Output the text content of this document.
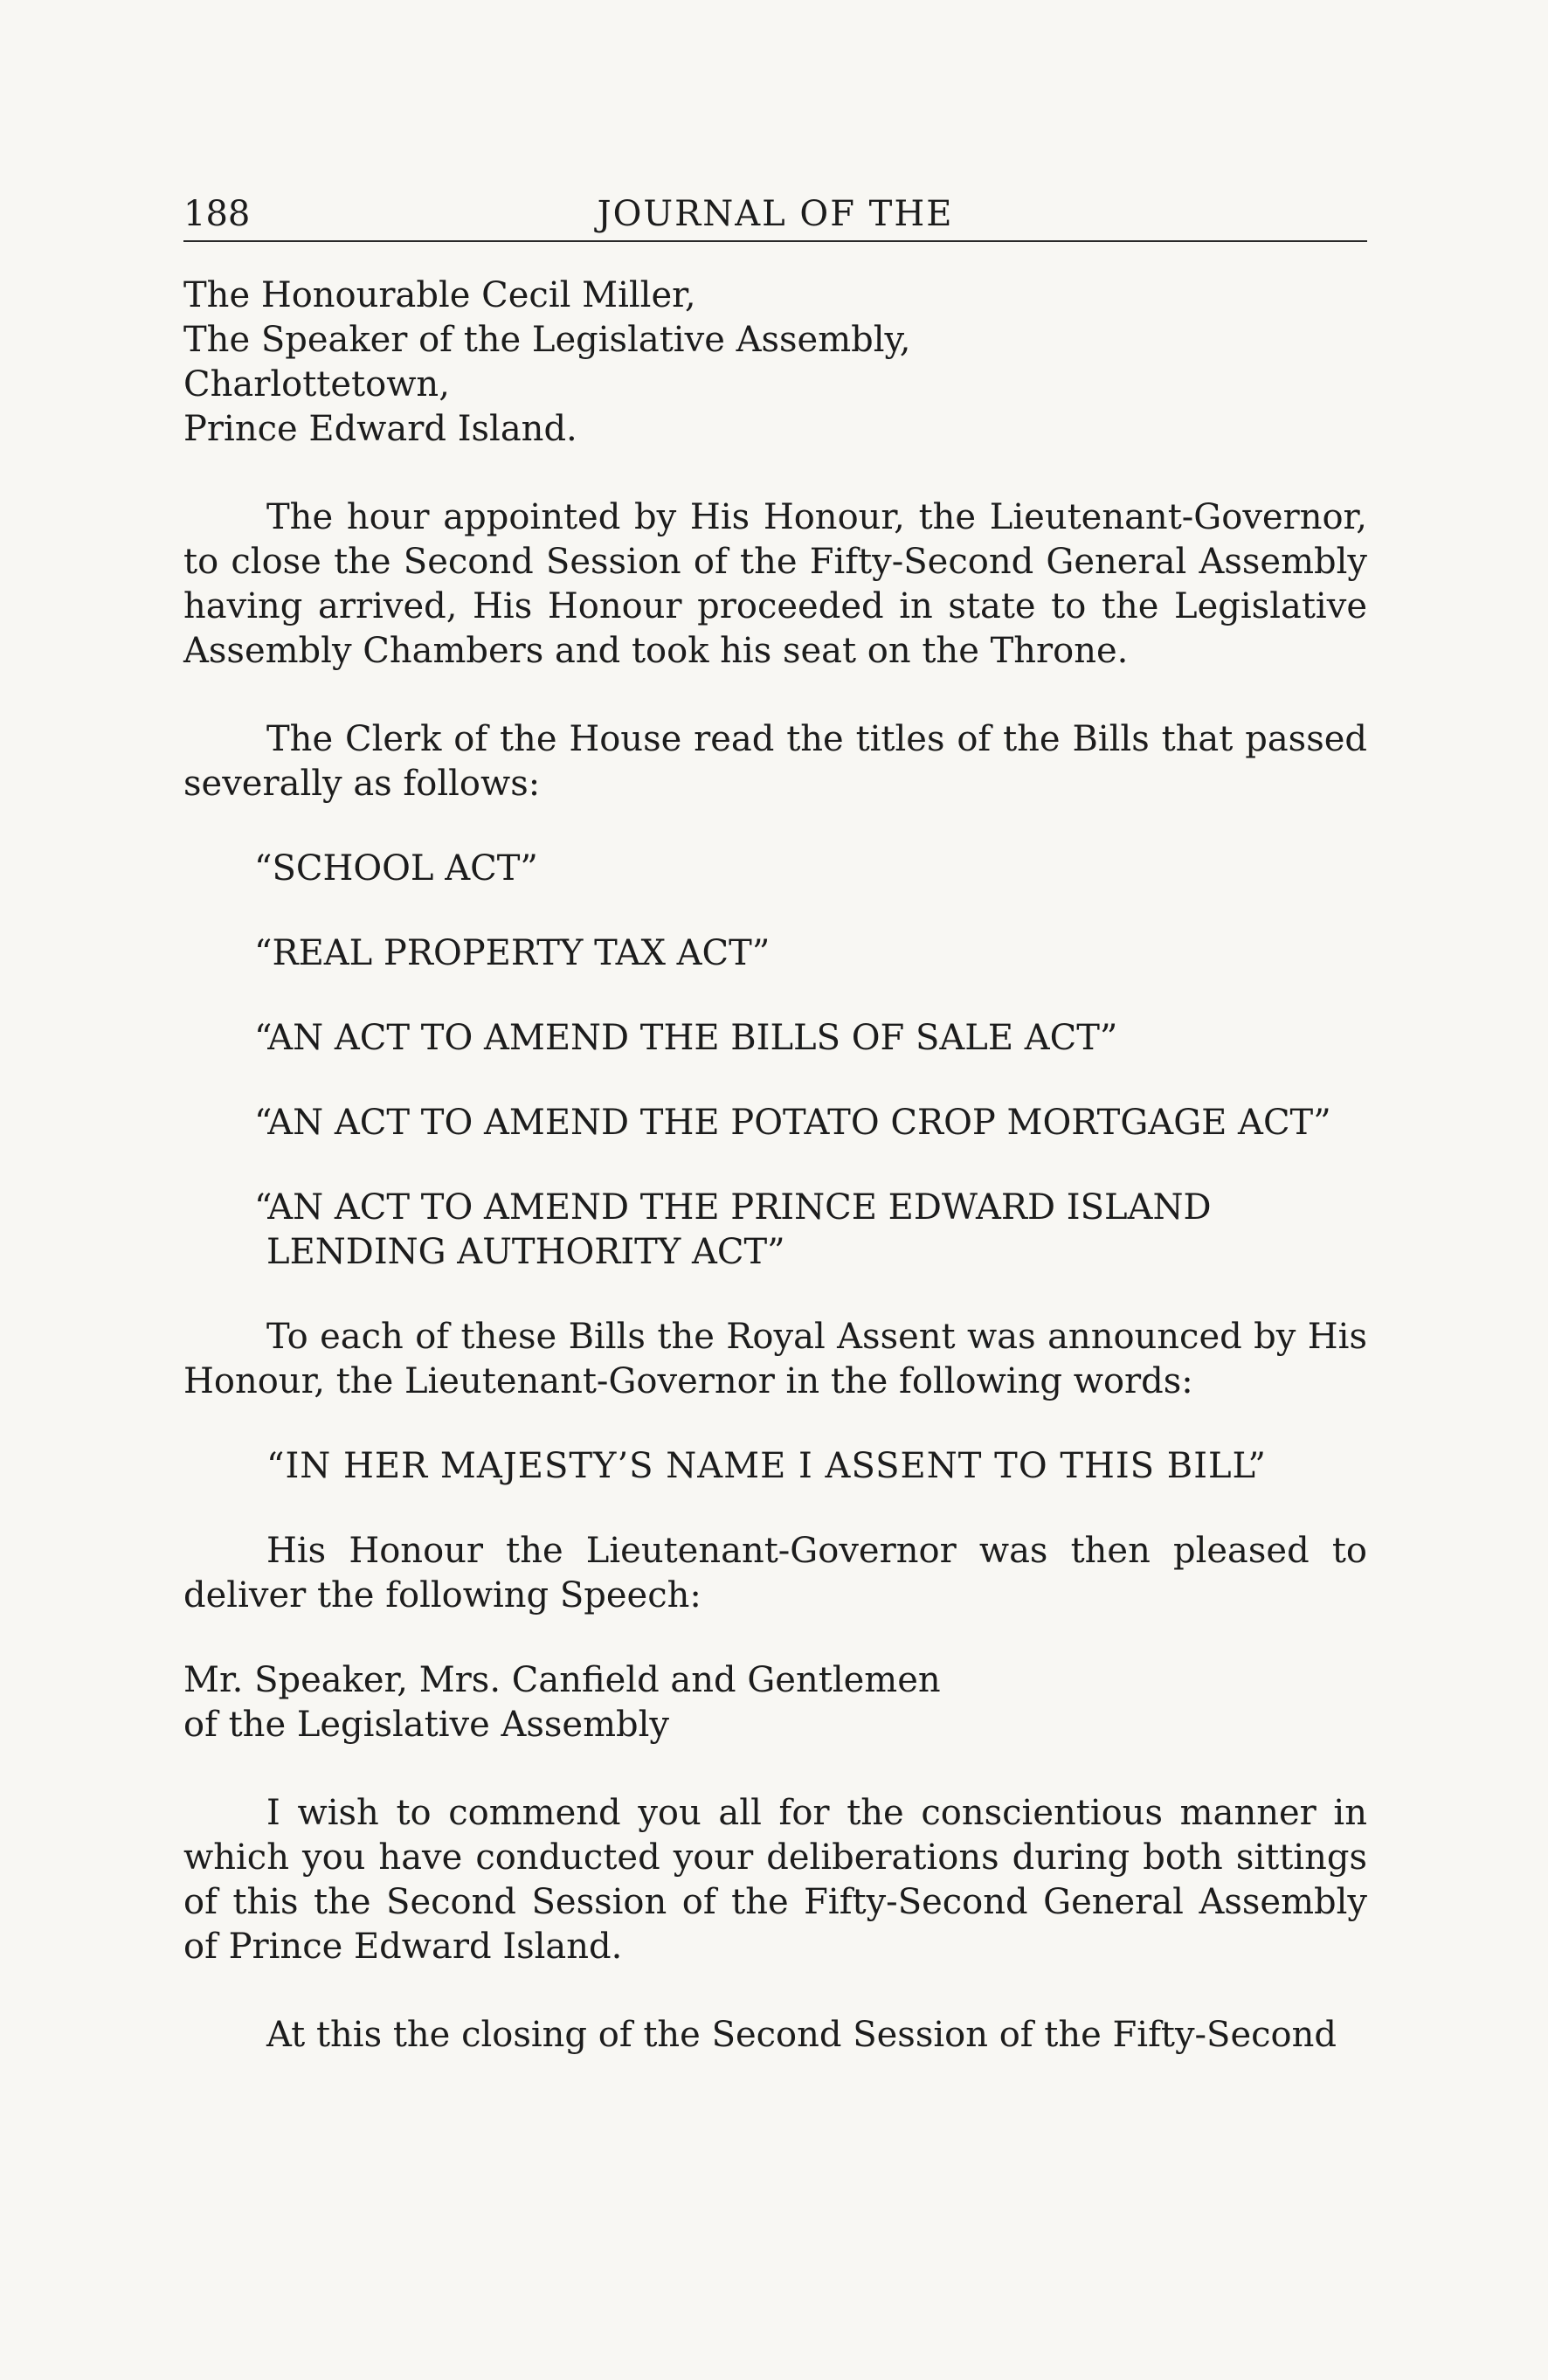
188	JOURNAL OF THE
The Honourable Cecil Miller,
The Speaker of the Legislative Assembly,
Charlottetown,
Prince Edward Island.

The hour appointed by His Honour, the Lieutenant-Governor, to close the Second Session of the Fifty-Second General Assembly having arrived, His Honour proceeded in state to the Legislative Assembly Chambers and took his seat on the Throne.

The Clerk of the House read the titles of the Bills that passed severally as follows:

“SCHOOL ACT”

“REAL PROPERTY TAX ACT”

“AN ACT TO AMEND THE BILLS OF SALE ACT”

“AN ACT TO AMEND THE POTATO CROP MORTGAGE ACT”

“AN ACT TO AMEND THE PRINCE EDWARD ISLAND LENDING AUTHORITY ACT”

To each of these Bills the Royal Assent was announced by His Honour, the Lieutenant-Governor in the following words:

“IN HER MAJESTY’S NAME I ASSENT TO THIS BILL”

His Honour the Lieutenant-Governor was then pleased to deliver the following Speech:

Mr. Speaker, Mrs. Canfield and Gentlemen
of the Legislative Assembly

I wish to commend you all for the conscientious manner in which you have conducted your deliberations during both sittings of this the Second Session of the Fifty-Second General Assembly of Prince Edward Island.

At this the closing of the Second Session of the Fifty-Second
